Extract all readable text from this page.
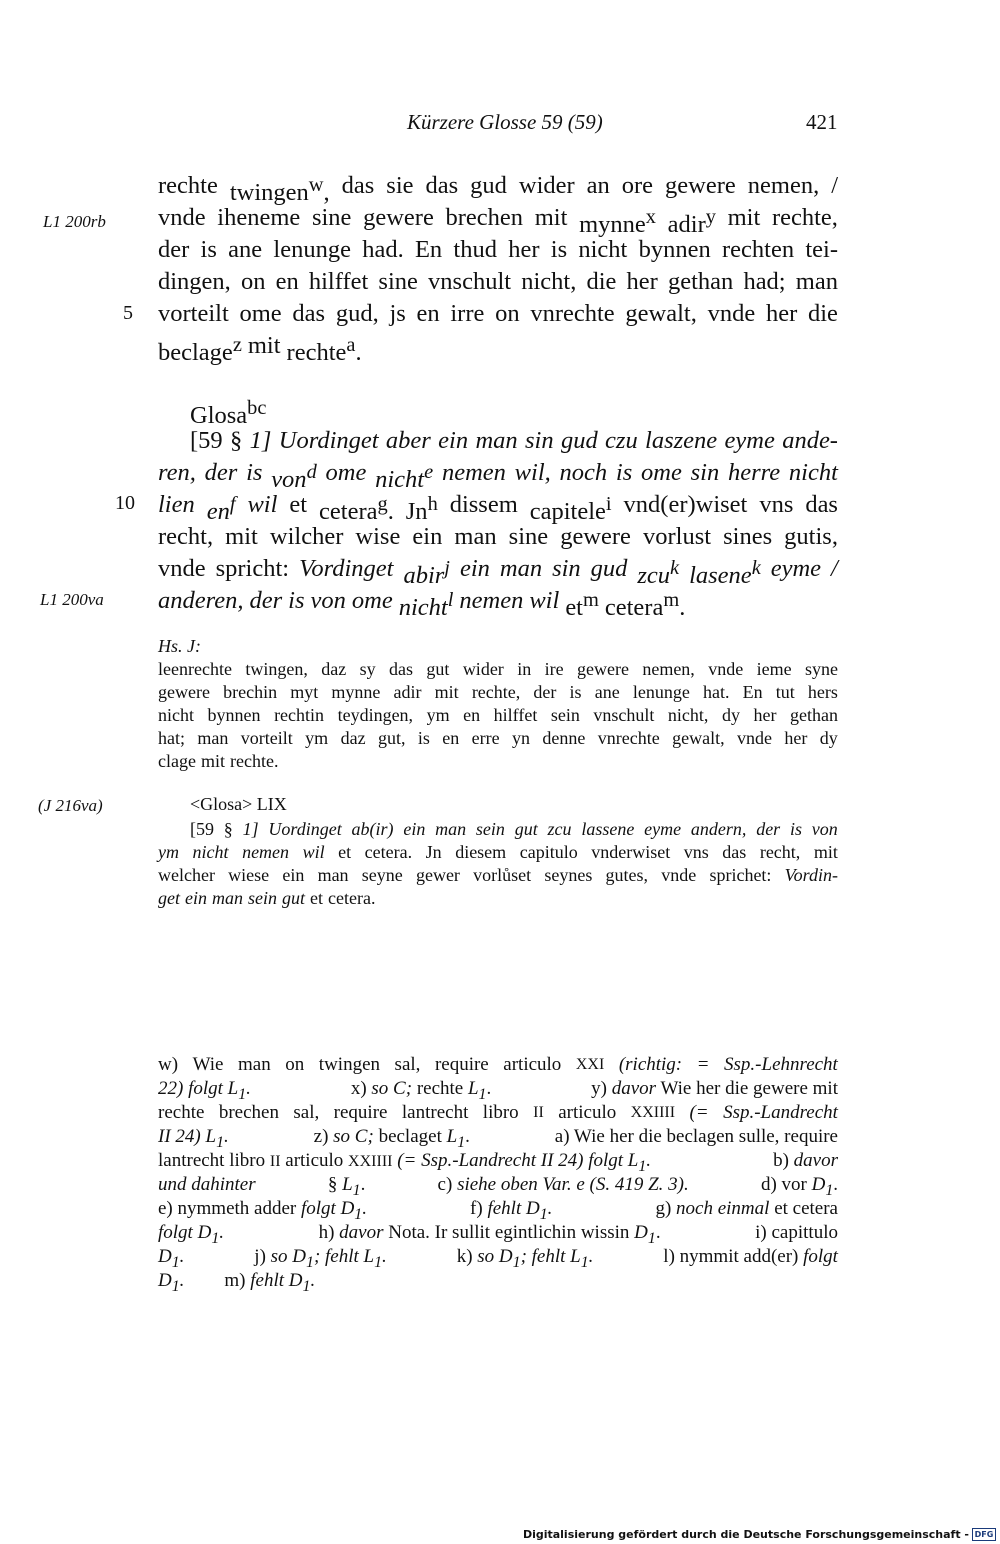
Kürzere Glosse 59 (59)	421
L1 200rb
L1 200va
(J 216va)
5
10
rechte twingen$^w$, das sie das gud wider an ore gewere nemen, /
vnde iheneme sine gewere brechen mit mynne$^x$ adir$^y$ mit rechte,
der is ane lenunge had. En thud her is nicht bynnen rechten tei-
dingen, on en hilffet sine vnschult nicht, die her gethan had; man
vorteilt ome das gud, js en irre on vnrechte gewalt, vnde her die
beclage$^z$ mit rechte$^a$.
Glosa$^{bc}$
[59 § 1] Uordinget aber ein man sin gud czu laszene eyme ande-
ren, der is von$^d$ ome nicht$^e$ nemen wil, noch is ome sin herre nicht
lien $en^f$ wil et cetera$^g$. Jn$^h$ dissem capitele$^i$ vnd(er)wiset vns das
recht, mit wilcher wise ein man sine gewere vorlust sines gutis,
vnde spricht: Vordinget abir$^j$ ein man sin gud zcu$^k$ lasene$^k$ eyme /
anderen, der is von ome nicht$^l$ nemen wil $et^m$ cetera$^m$.
Hs. J:
leenrechte twingen, daz sy das gut wider in ire gewere nemen, vnde ieme syne
gewere brechin myt mynne adir mit rechte, der is ane lenunge hat. En tut hers
nicht bynnen rechtin teydingen, ym en hilffet sein vnschult nicht, dy her gethan
hat; man vorteilt ym daz gut, is en erre yn denne vnrechte gewalt, vnde her dy
clage mit rechte.
<Glosa> LIX
[59 § 1] Uordinget ab(ir) ein man sein gut zcu lassene eyme andern, der is von
ym nicht nemen wil et cetera. Jn diesem capitulo vnderwiset vns das recht, mit
welcher wiese ein man seyne gewer vorlůset seynes gutes, vnde sprichet: Vordin-
get ein man sein gut et cetera.
w) Wie man on twingen sal, require articulo XXI (richtig: = Ssp.-Lehnrecht
22) folgt $L_1$.	x) so C; rechte $L_1$.	y) davor Wie her die gewere mit
rechte brechen sal, require lantrecht libro II articulo XXIIII (= Ssp.-Landrecht
II 24) $L_1$.	z) so C; beclaget $L_1$.	a) Wie her die beclagen sulle, require
lantrecht libro II articulo XXIIII (= Ssp.-Landrecht II 24) folgt $L_1$.	b) davor
und dahinter	§ $L_1$.	c) siehe oben Var. e (S. 419 Z. 3).	d) vor $D_1$.
e) nymmeth adder folgt $D_1$.	f) fehlt $D_1$.	g) noch einmal et cetera
folgt $D_1$.	h) davor Nota. Ir sullit egintlichin wissin $D_1$.	i) capittulo
$D_1$.	j) so $D_1$; fehlt $L_1$.	k) so $D_1$; fehlt $L_1$.	l) nymmit add(er) folgt
$D_1$. m) fehlt $D_1$.
Digitalisierung gefördert durch die Deutsche Forschungsgemeinschaft - DFG
